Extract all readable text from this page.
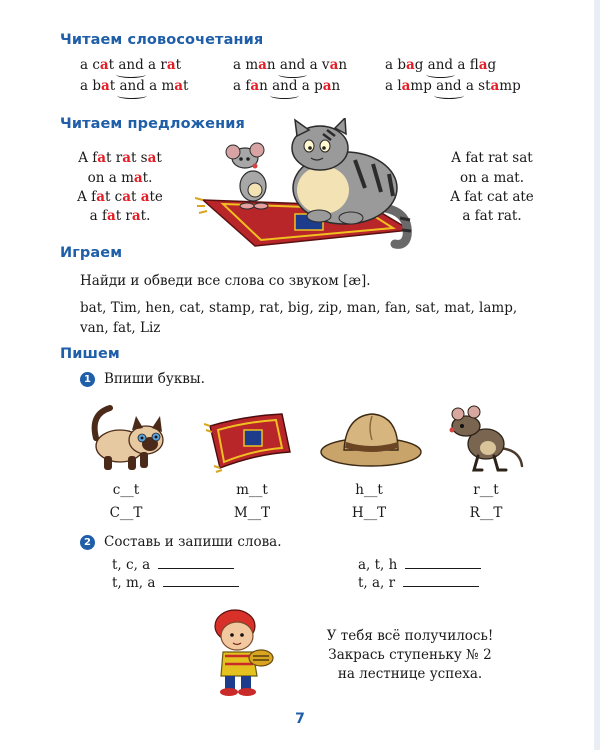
Читаем словосочетания
a cat and a rat
a bat and a mat
a man and a van
a fan and a pan
a bag and a flag
a lamp and a stamp
Читаем предложения
A fat rat sat
on a mat.
A fat cat ate
a fat rat.
A fat rat sat
on a mat.
A fat cat ate
a fat rat.
Играем
Найди и обведи все слова со звуком [æ].
bat, Tim, hen, cat, stamp, rat, big, zip, man, fan, sat, mat, lamp,
van, fat, Liz
Пишем
1 Впиши буквы.
c__t
C__T
m__t
M__T
h__t
H__T
r__t
R__T
2 Составь и запиши слова.
t, c, a
t, m, a
a, t, h
t, a, r
У тебя всё получилось!
Закрась ступеньку № 2
на лестнице успеха.
7
